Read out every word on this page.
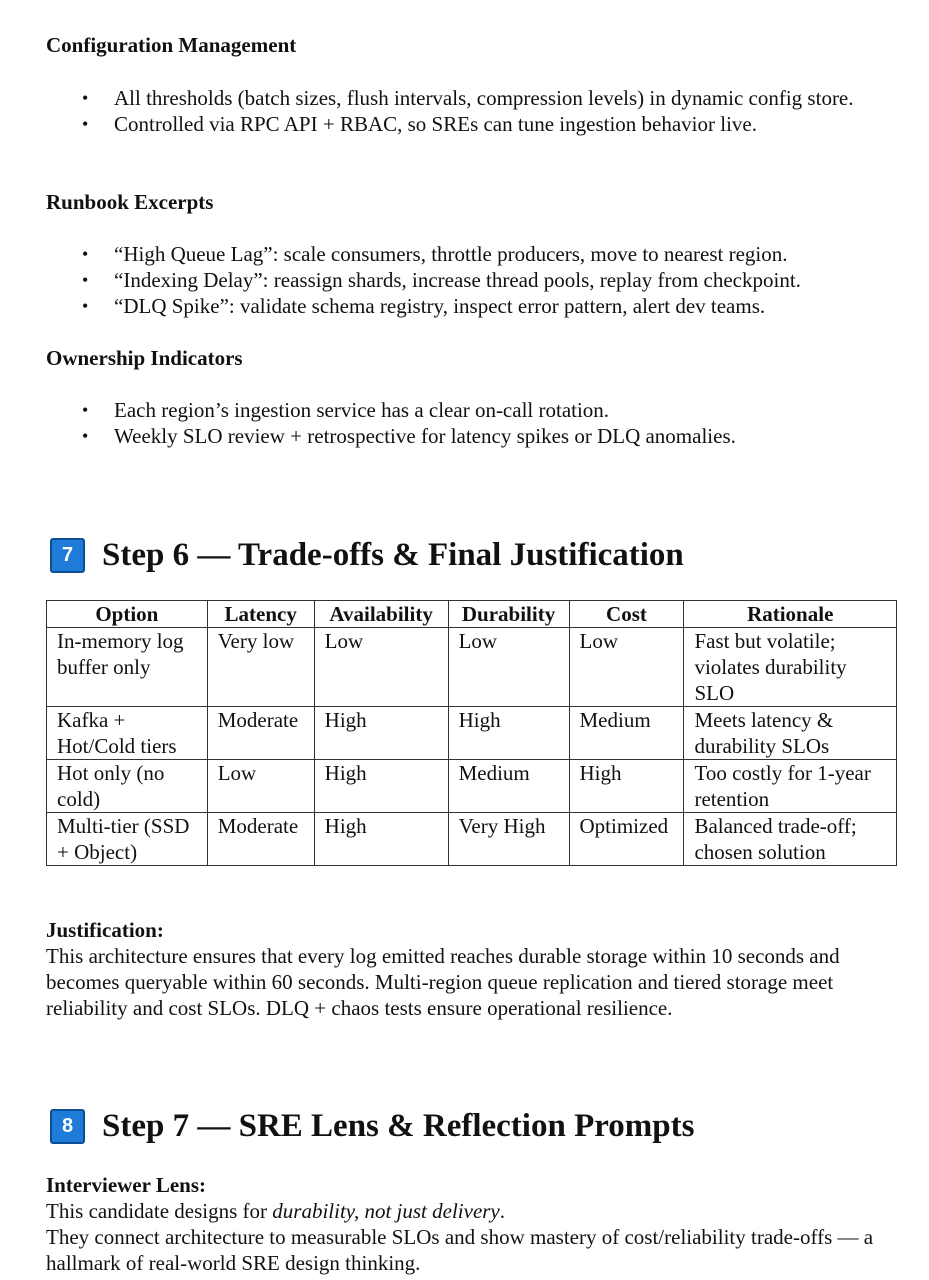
Configuration Management
• All thresholds (batch sizes, flush intervals, compression levels) in dynamic config store.
• Controlled via RPC API + RBAC, so SREs can tune ingestion behavior live.
Runbook Excerpts
• “High Queue Lag”: scale consumers, throttle producers, move to nearest region.
• “Indexing Delay”: reassign shards, increase thread pools, replay from checkpoint.
• “DLQ Spike”: validate schema registry, inspect error pattern, alert dev teams.
Ownership Indicators
• Each region’s ingestion service has a clear on-call rotation.
• Weekly SLO review + retrospective for latency spikes or DLQ anomalies.
7 Step 6 — Trade-offs & Final Justification
Option	Latency	Availability	Durability	Cost	Rationale
In-memory log buffer only	Very low	Low	Low	Low	Fast but volatile; violates durability SLO
Kafka + Hot/Cold tiers	Moderate	High	High	Medium	Meets latency & durability SLOs
Hot only (no cold)	Low	High	Medium	High	Too costly for 1-year retention
Multi-tier (SSD + Object)	Moderate	High	Very High	Optimized	Balanced trade-off; chosen solution

Justification:
This architecture ensures that every log emitted reaches durable storage within 10 seconds and becomes queryable within 60 seconds. Multi-region queue replication and tiered storage meet reliability and cost SLOs. DLQ + chaos tests ensure operational resilience.

8 Step 7 — SRE Lens & Reflection Prompts

Interviewer Lens:
This candidate designs for durability, not just delivery.
They connect architecture to measurable SLOs and show mastery of cost/reliability trade-offs — a hallmark of real-world SRE design thinking.
